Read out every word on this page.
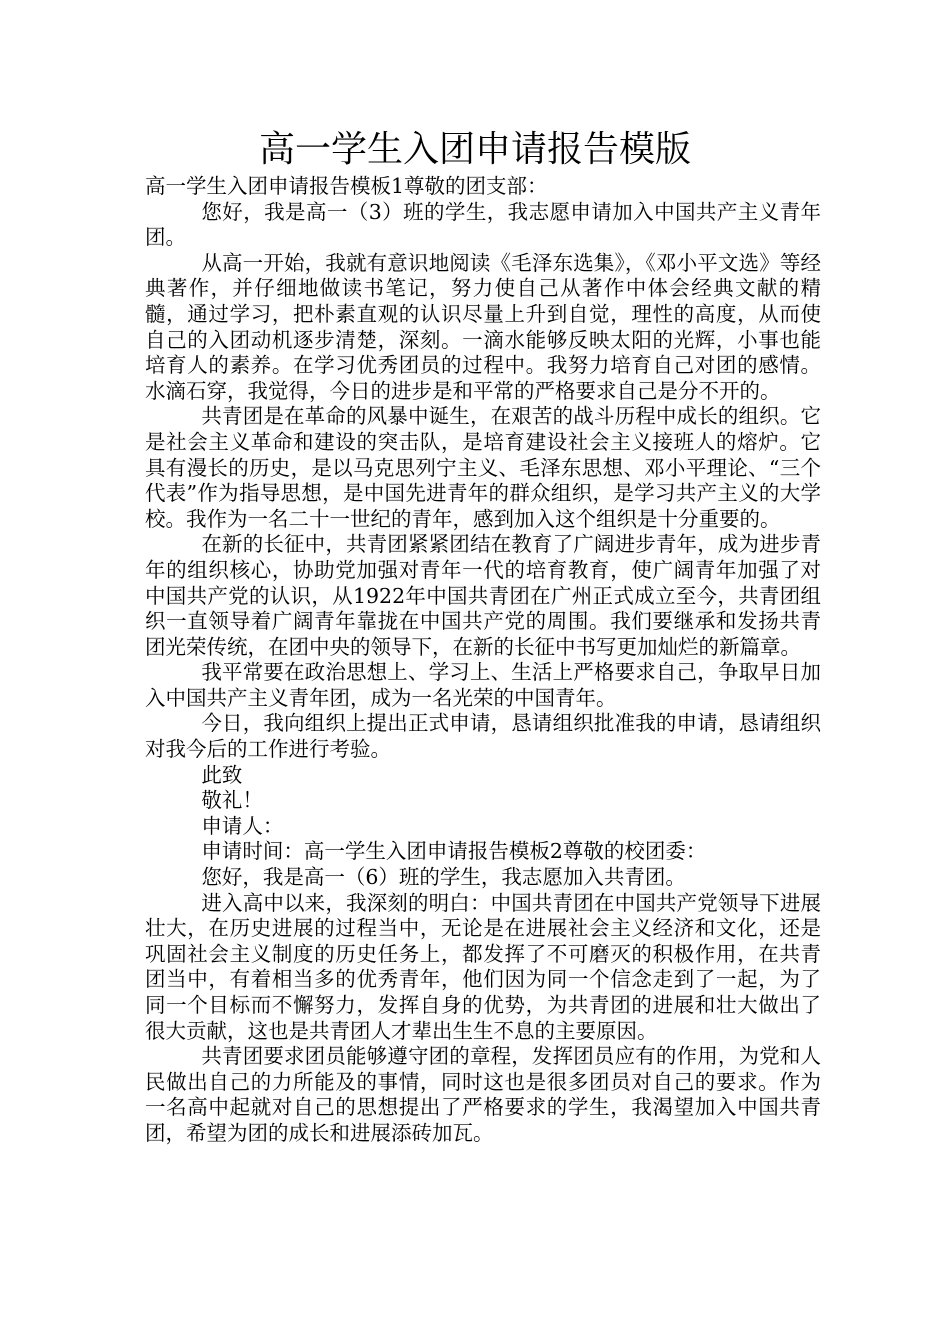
高一学生入团申请报告模版

高一学生入团申请报告模板1尊敬的团支部：

您好，我是高一（3）班的学生，我志愿申请加入中国共产主义青年团。

从高一开始，我就有意识地阅读《毛泽东选集》，《邓小平文选》等经典著作，并仔细地做读书笔记，努力使自己从著作中体会经典文献的精髓，通过学习，把朴素直观的认识尽量上升到自觉，理性的高度，从而使自己的入团动机逐步清楚，深刻。一滴水能够反映太阳的光辉，小事也能培育人的素养。在学习优秀团员的过程中。我努力培育自己对团的感情。水滴石穿，我觉得，今日的进步是和平常的严格要求自己是分不开的。

共青团是在革命的风暴中诞生，在艰苦的战斗历程中成长的组织。它是社会主义革命和建设的突击队，是培育建设社会主义接班人的熔炉。它具有漫长的历史，是以马克思列宁主义、毛泽东思想、邓小平理论、“三个代表”作为指导思想，是中国先进青年的群众组织，是学习共产主义的大学校。我作为一名二十一世纪的青年，感到加入这个组织是十分重要的。

在新的长征中，共青团紧紧团结在教育了广阔进步青年，成为进步青年的组织核心，协助党加强对青年一代的培育教育，使广阔青年加强了对中国共产党的认识，从1922年中国共青团在广州正式成立至今，共青团组织一直领导着广阔青年靠拢在中国共产党的周围。我们要继承和发扬共青团光荣传统，在团中央的领导下，在新的长征中书写更加灿烂的新篇章。

我平常要在政治思想上、学习上、生活上严格要求自己，争取早日加入中国共产主义青年团，成为一名光荣的中国青年。

今日，我向组织上提出正式申请，恳请组织批准我的申请，恳请组织对我今后的工作进行考验。

此致

敬礼！

申请人：

申请时间：高一学生入团申请报告模板2尊敬的校团委：

您好，我是高一（6）班的学生，我志愿加入共青团。

进入高中以来，我深刻的明白：中国共青团在中国共产党领导下进展壮大，在历史进展的过程当中，无论是在进展社会主义经济和文化，还是巩固社会主义制度的历史任务上，都发挥了不可磨灭的积极作用，在共青团当中，有着相当多的优秀青年，他们因为同一个信念走到了一起，为了同一个目标而不懈努力，发挥自身的优势，为共青团的进展和壮大做出了很大贡献，这也是共青团人才辈出生生不息的主要原因。

共青团要求团员能够遵守团的章程，发挥团员应有的作用，为党和人民做出自己的力所能及的事情，同时这也是很多团员对自己的要求。作为一名高中起就对自己的思想提出了严格要求的学生，我渴望加入中国共青团，希望为团的成长和进展添砖加瓦。
